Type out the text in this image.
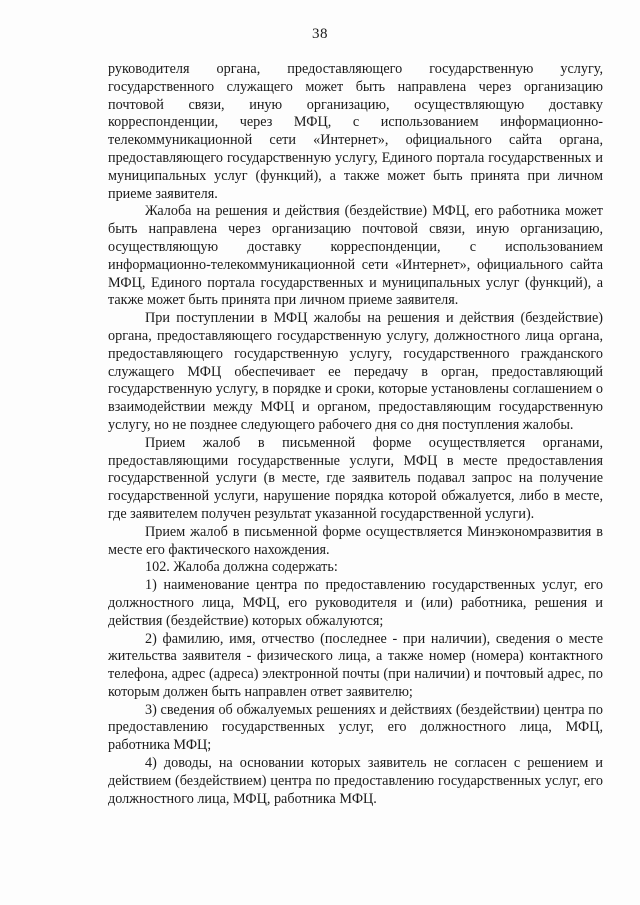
38

руководителя органа, предоставляющего государственную услугу, государственного служащего может быть направлена через организацию почтовой связи, иную организацию, осуществляющую доставку корреспонденции, через МФЦ, с использованием информационно-телекоммуникационной сети «Интернет», официального сайта органа, предоставляющего государственную услугу, Единого портала государственных и муниципальных услуг (функций), а также может быть принята при личном приеме заявителя.

Жалоба на решения и действия (бездействие) МФЦ, его работника может быть направлена через организацию почтовой связи, иную организацию, осуществляющую доставку корреспонденции, с использованием информационно-телекоммуникационной сети «Интернет», официального сайта МФЦ, Единого портала государственных и муниципальных услуг (функций), а также может быть принята при личном приеме заявителя.

При поступлении в МФЦ жалобы на решения и действия (бездействие) органа, предоставляющего государственную услугу, должностного лица органа, предоставляющего государственную услугу, государственного гражданского служащего МФЦ обеспечивает ее передачу в орган, предоставляющий государственную услугу, в порядке и сроки, которые установлены соглашением о взаимодействии между МФЦ и органом, предоставляющим государственную услугу, но не позднее следующего рабочего дня со дня поступления жалобы.

Прием жалоб в письменной форме осуществляется органами, предоставляющими государственные услуги, МФЦ в месте предоставления государственной услуги (в месте, где заявитель подавал запрос на получение государственной услуги, нарушение порядка которой обжалуется, либо в месте, где заявителем получен результат указанной государственной услуги).

Прием жалоб в письменной форме осуществляется Минэкономразвития в месте его фактического нахождения.

102. Жалоба должна содержать:

1) наименование центра по предоставлению государственных услуг, его должностного лица, МФЦ, его руководителя и (или) работника, решения и действия (бездействие) которых обжалуются;

2) фамилию, имя, отчество (последнее - при наличии), сведения о месте жительства заявителя - физического лица, а также номер (номера) контактного телефона, адрес (адреса) электронной почты (при наличии) и почтовый адрес, по которым должен быть направлен ответ заявителю;

3) сведения об обжалуемых решениях и действиях (бездействии) центра по предоставлению государственных услуг, его должностного лица, МФЦ, работника МФЦ;

4) доводы, на основании которых заявитель не согласен с решением и действием (бездействием) центра по предоставлению государственных услуг, его должностного лица, МФЦ, работника МФЦ.
